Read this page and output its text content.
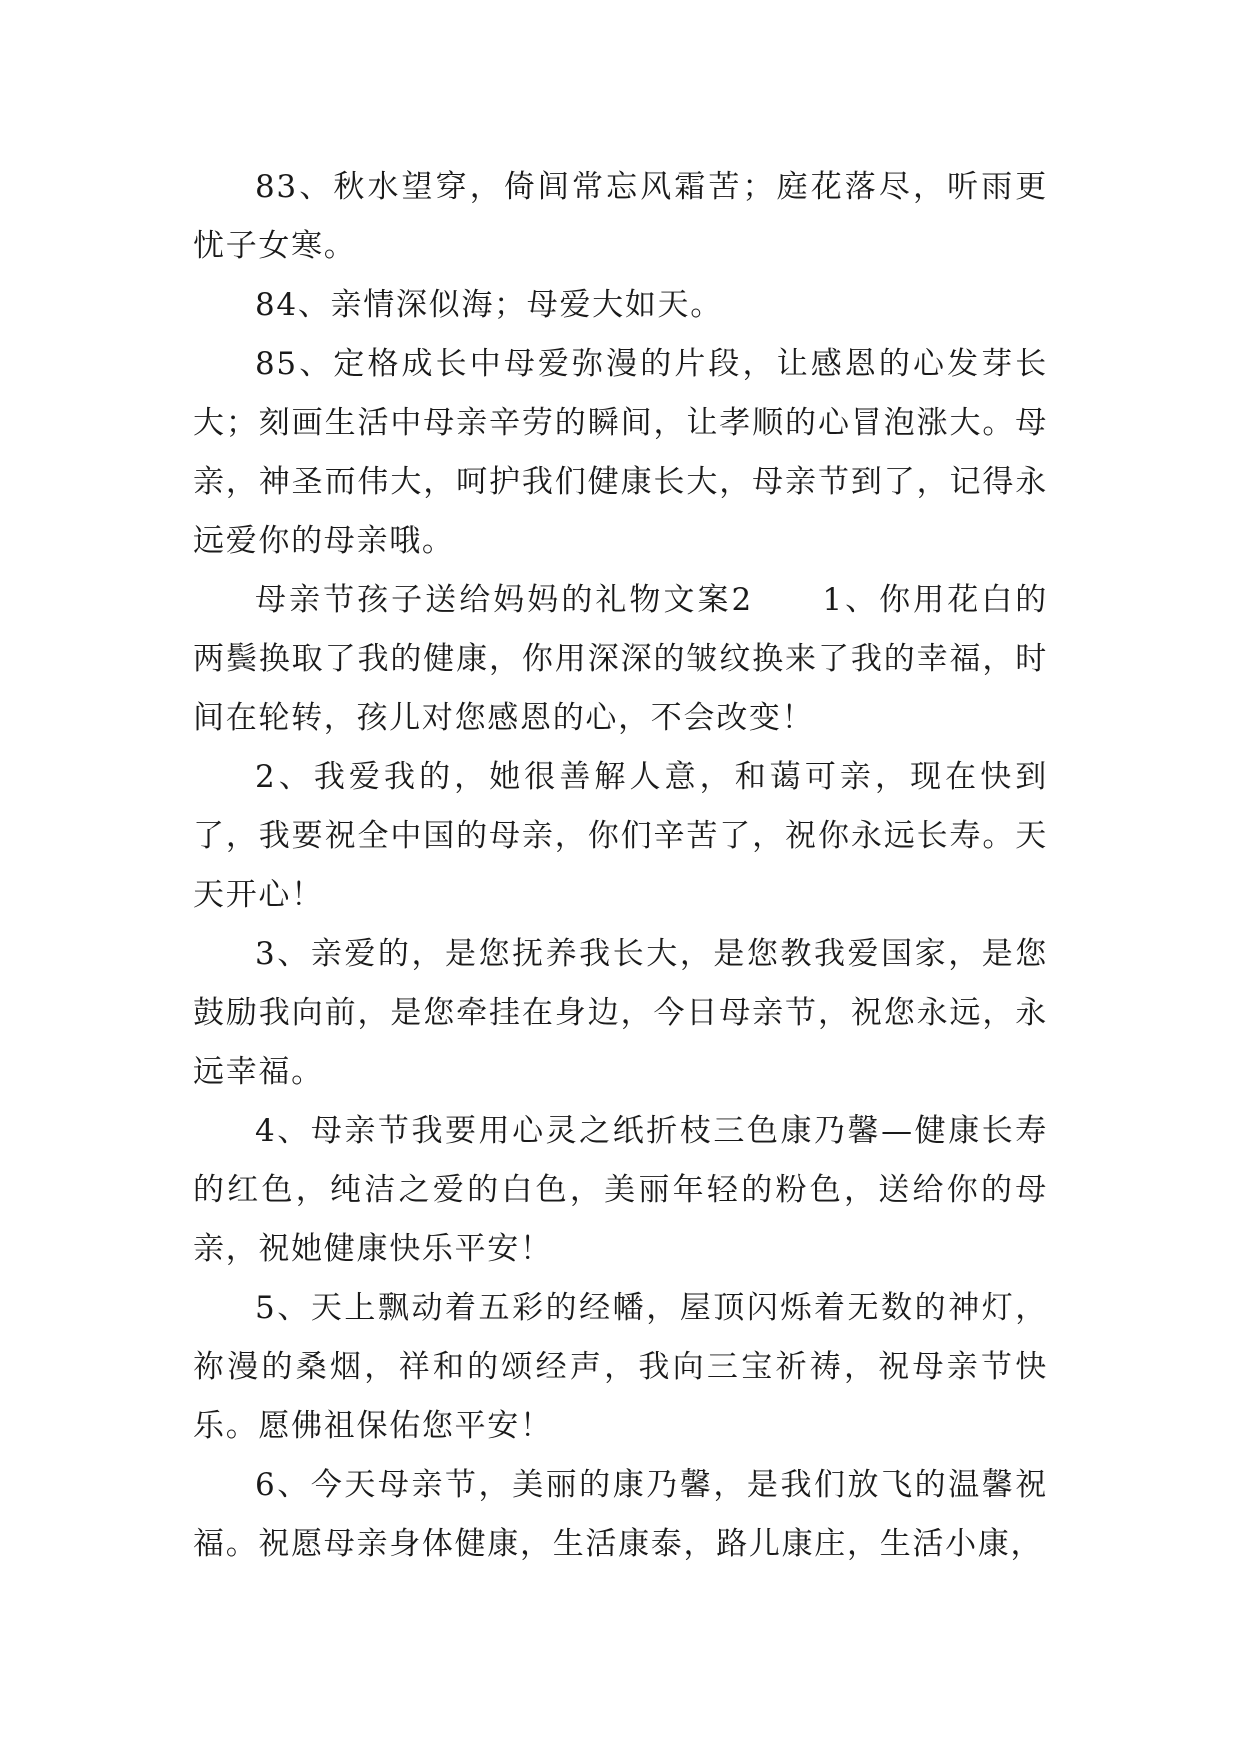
83、秋水望穿，倚闾常忘风霜苦；庭花落尽，听雨更忧子女寒。

84、亲情深似海；母爱大如天。

85、定格成长中母爱弥漫的片段，让感恩的心发芽长大；刻画生活中母亲辛劳的瞬间，让孝顺的心冒泡涨大。母亲，神圣而伟大，呵护我们健康长大，母亲节到了，记得永远爱你的母亲哦。

母亲节孩子送给妈妈的礼物文案2　　1、你用花白的两鬓换取了我的健康，你用深深的皱纹换来了我的幸福，时间在轮转，孩儿对您感恩的心，不会改变！

2、我爱我的，她很善解人意，和蔼可亲，现在快到了，我要祝全中国的母亲，你们辛苦了，祝你永远长寿。天天开心！

3、亲爱的，是您抚养我长大，是您教我爱国家，是您鼓励我向前，是您牵挂在身边，今日母亲节，祝您永远，永远幸福。

4、母亲节我要用心灵之纸折枝三色康乃馨—健康长寿的红色，纯洁之爱的白色，美丽年轻的粉色，送给你的母亲，祝她健康快乐平安！

5、天上飘动着五彩的经幡，屋顶闪烁着无数的神灯，祢漫的桑烟，祥和的颂经声，我向三宝祈祷，祝母亲节快乐。愿佛祖保佑您平安！

6、今天母亲节，美丽的康乃馨，是我们放飞的温馨祝福。祝愿母亲身体健康，生活康泰，路儿康庄，生活小康，
